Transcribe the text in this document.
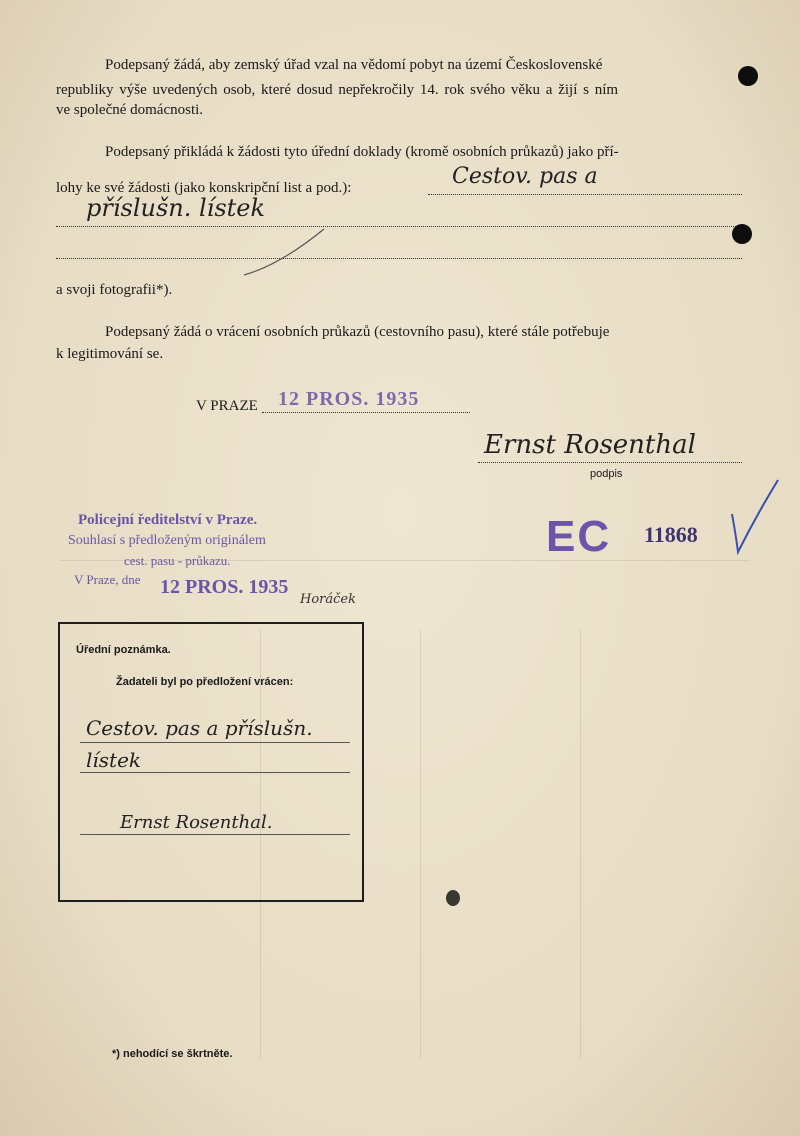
Podepsaný žádá, aby zemský úřad vzal na vědomí pobyt na území Československé
republiky výše uvedených osob, které dosud nepřekročily 14. rok svého věku a žijí s ním
ve společné domácnosti.
Podepsaný přikládá k žádosti tyto úřední doklady (kromě osobních průkazů) jako pří-
lohy ke své žádosti (jako konskripční list a pod.):	Cestov. pas a
příslušn. lístek
a svoji fotografii*).
Podepsaný žádá o vrácení osobních průkazů (cestovního pasu), které stále potřebuje
k legitimování se.
V PRAZE 12 PROS. 1935
Ernst Rosenthal
podpis
Policejní ředitelství v Praze.
Souhlasí s předloženým originálem
cest. pasu - průkazu.
V Praze, dne 12 PROS. 1935
Horáček
EC 11868
Úřední poznámka.
Žadateli byl po předložení vrácen:
Cestov. pas a příslušn.
lístek
Ernst Rosenthal.
*) nehodící se škrtněte.
